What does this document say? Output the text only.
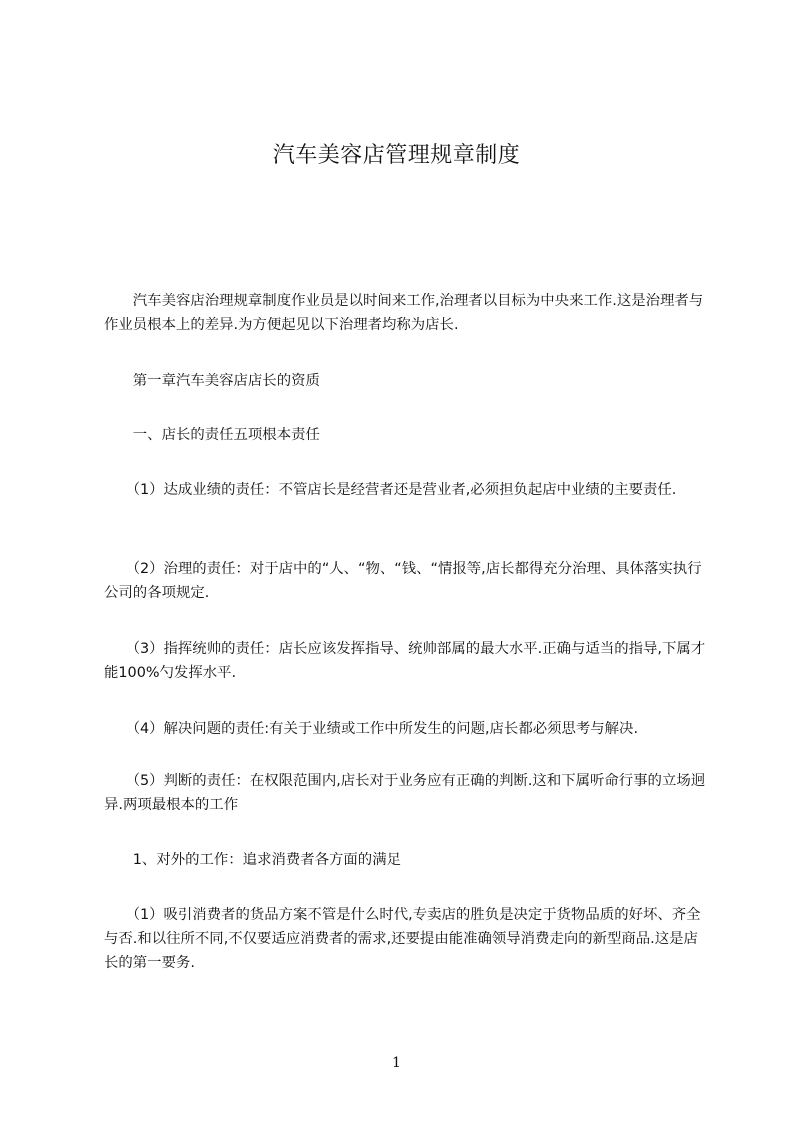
汽车美容店管理规章制度

　　汽车美容店治理规章制度作业员是以时间来工作,治理者以目标为中央来工作.这是治理者与作业员根本上的差异.为方便起见以下治理者均称为店长.

　　第一章汽车美容店店长的资质

　　一、店长的责任五项根本责任

　　（1）达成业绩的责任：不管店长是经营者还是营业者,必须担负起店中业绩的主要责任.

　　（2）治理的责任：对于店中的“人、“物、“钱、“情报等,店长都得充分治理、具体落实执行公司的各项规定.

　　（3）指挥统帅的责任：店长应该发挥指导、统帅部属的最大水平.正确与适当的指导,下属才能100%勺发挥水平.

　　（4）解决问题的责任:有关于业绩或工作中所发生的问题,店长都必须思考与解决.

　　（5）判断的责任：在权限范围内,店长对于业务应有正确的判断.这和下属听命行事的立场迥异.两项最根本的工作

　　1、对外的工作：追求消费者各方面的满足

　　（1）吸引消费者的货品方案不管是什么时代,专卖店的胜负是决定于货物品质的好坏、齐全与否.和以往所不同,不仅要适应消费者的需求,还要提由能准确领导消费走向的新型商品.这是店长的第一要务.

1
